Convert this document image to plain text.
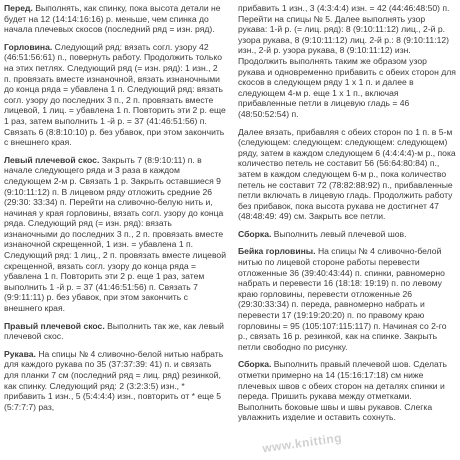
Перед. Выполнять, как спинку, пока высота детали не будет на 12 (14:14:16:16) р. меньше, чем спинка до начала плечевых скосов (последний ряд = изн. ряд).

Горловина. Следующий ряд: вязать согл. узору 42 (46:51:56:61) п., повернуть работу. Продолжить только на этих петлях. Следующий ряд (= изн. ряд): 1 изн., 2 п. провязать вместе изнаночной, вязать изнаночными до конца ряда = убавлена 1 п. Следующий ряд: вязать согл. узору до последних 3 п., 2 п. провязать вместе лицевой, 1 лиц. = убавлена 1 п. Повторить эти 2 р. еще 1 раз, затем выполнить 1 -й р. = 37 (41:46:51:56) п. Связать 6 (8:8:10:10) р. без убавок, при этом закончить с внешнего края.

Левый плечевой скос. Закрыть 7 (8:9:10:11) п. в начале следующего ряда и 3 раза в каждом следующем 2-м р. Связать 1 р. Закрыть оставшиеся 9 (9:10:11:12) п. В лицевом ряду отложить средние 26 (29:30: 33:34) п. Перейти на сливочно-белую нить и, начиная у края горловины, вязать согл. узору до конца ряда. Следующий ряд (= изн. ряд): вязать изнаночными до последних 3 п., 2 п. провязать вместе изнаночной скрещенной, 1 изн. = убавлена 1 п. Следующий ряд: 1 лиц., 2 п. провязать вместе лицевой скрещенной, вязать согл. узору до конца ряда = убавлена 1 п. Повторить эти 2 р. еще 1 раз, затем выполнить 1 -й р. = 37 (41:46:51:56) п. Связать 7 (9:9:11:11) р. без убавок, при этом закончить с внешнего края.

Правый плечевой скос. Выполнить так же, как левый плечевой скос.

Рукава. На спицы № 4 сливочно-белой нитью набрать для каждого рукава по 35 (37:37:39: 41) п. и связать для планки 7 см (последний ряд = лиц. ряд) резинкой, как спинку. Следующий ряд: 2 (3:2:3:5) изн., * прибавить 1 изн., 5 (5:4:4:4) изн., повторить от * еще 5 (5:7:7:7) раз,

прибавить 1 изн., 3 (4:3:4:4) изн. = 42 (44:46:48:50) п. Перейти на спицы № 5. Далее выполнять узор рукава: 1-й р. (= лиц. ряд): 8 (9:10:11:12) лиц., 2-й р. узора рукава, 8 (9:10:11:12) лиц. 2-й р.: 8 (9:10:11:12) изн., 2-й р. узора рукава, 8 (9:10:11:12) изн. Продолжить выполнять таким же образом узор рукава и одновременно прибавить с обеих сторон для скосов в следующем ряду 1 х 1 п. и далее в следующем 4-м р. еще 1 х 1 п., включая прибавленные петли в лицевую гладь = 46 (48:50:52:54) п.

Далее вязать, прибавляя с обеих сторон по 1 п. в 5-м (следующем: следующем: следующем: следующем) ряду, затем в каждом следующем 6 (4:4:4:4)-м р., пока количество петель не составит 56 (56:64:80:84) п., затем в каждом следующем 6-м р., пока количество петель не составит 72 (78:82:88:92) п., прибавленные петли включать в лицевую гладь. Продолжить работу без прибавок, пока высота рукава не достигнет 47 (48:48:49: 49) см. Закрыть все петли.

Сборка. Выполнить левый плечевой шов.

Бейка горловины. На спицы № 4 сливочно-белой нитью по лицевой стороне работы перевести отложенные 36 (39:40:43:44) п. спинки, равномерно набрать и перевести 16 (18:18: 19:19) п. по левому краю горловины, перевести отложенные 26 (29:30:33:34) п. переда, равномерно набрать и перевести 17 (19:19:20:20) п. по правому краю горловины = 95 (105:107:115:117) п. Начиная со 2-го р., связать 16 р. резинкой, как на спинке. Закрыть петли свободно по рисунку.

Сборка. Выполнить правый плечевой шов. Сделать отметки примерно на 14 (15:16:17:18) см ниже плечевых швов с обеих сторон на деталях спинки и переда. Пришить рукава между отметками. Выполнить боковые швы и швы рукавов. Слегка увлажнить изделие и оставить сохнуть.

www.knitting
